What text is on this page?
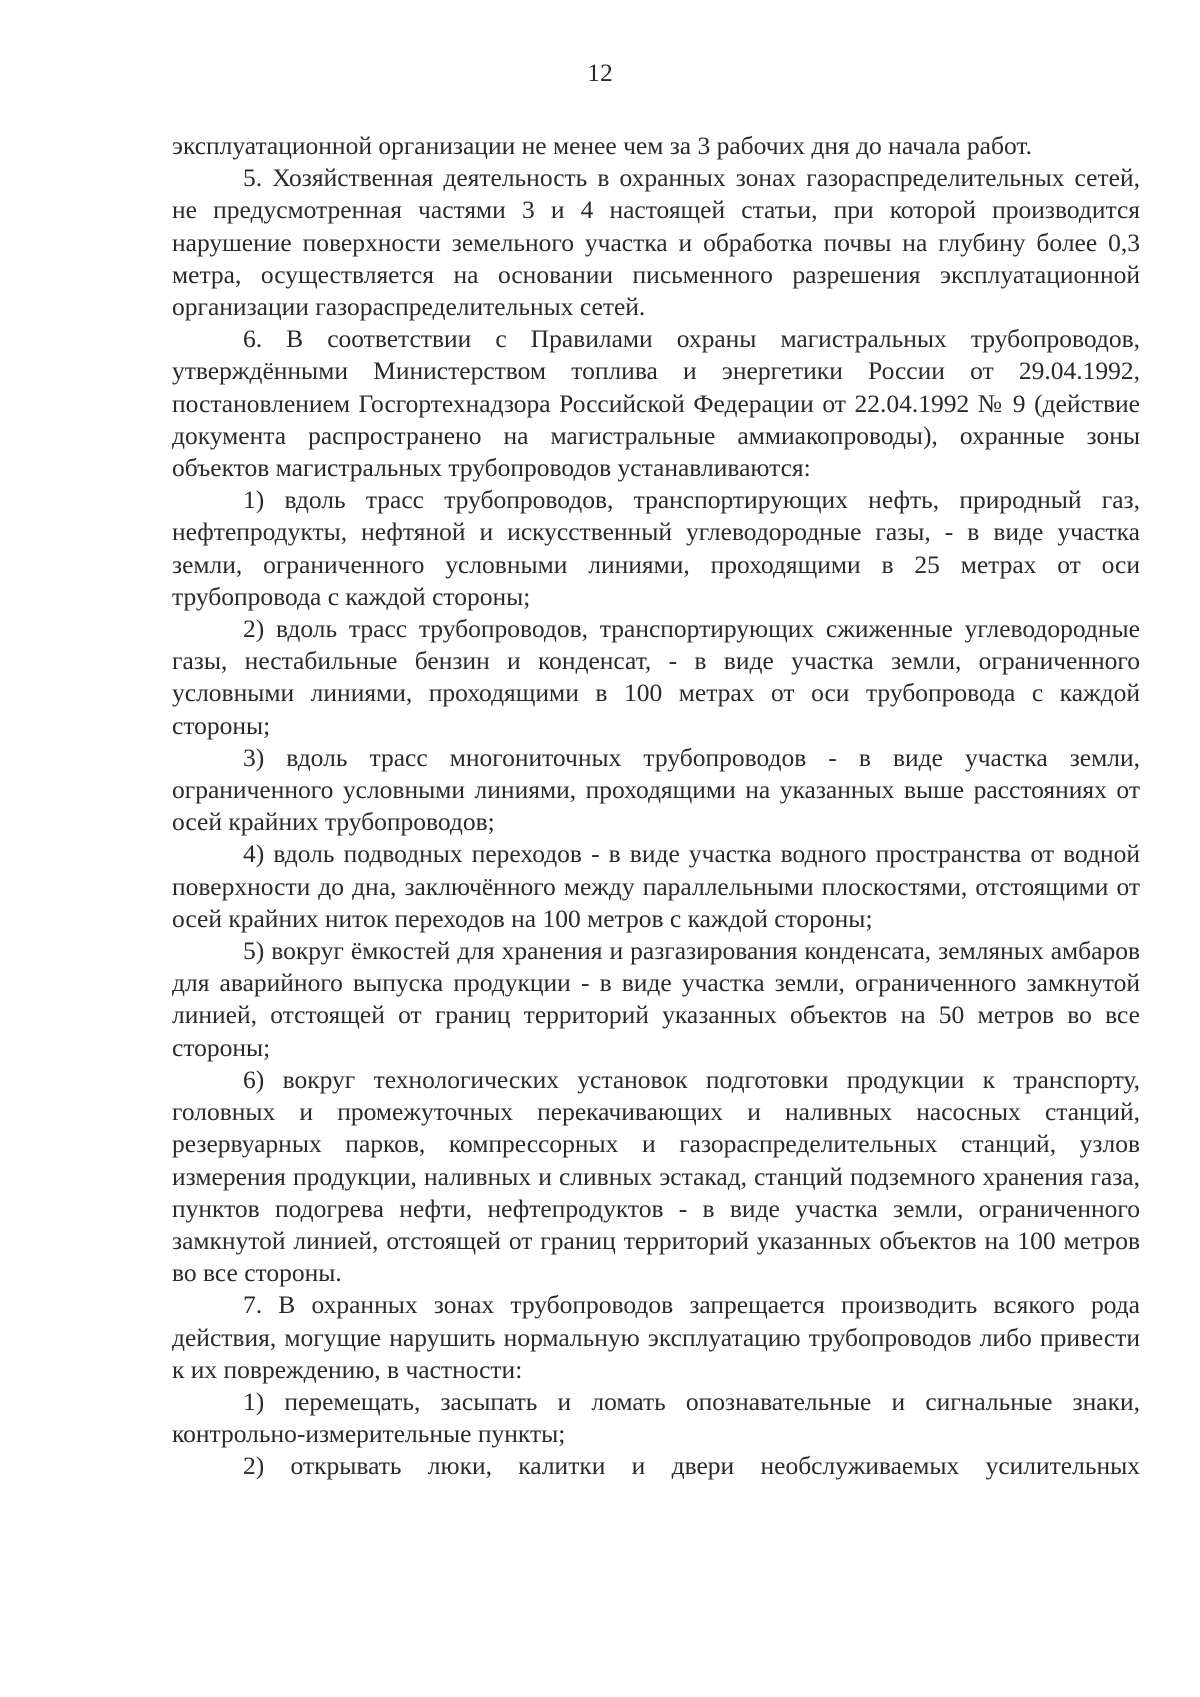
12

эксплуатационной организации не менее чем за 3 рабочих дня до начала работ.

5. Хозяйственная деятельность в охранных зонах газораспределительных сетей, не предусмотренная частями 3 и 4 настоящей статьи, при которой производится нарушение поверхности земельного участка и обработка почвы на глубину более 0,3 метра, осуществляется на основании письменного разрешения эксплуатационной организации газораспределительных сетей.

6. В соответствии с Правилами охраны магистральных трубопроводов, утверждёнными Министерством топлива и энергетики России от 29.04.1992, постановлением Госгортехнадзора Российской Федерации от 22.04.1992 № 9 (действие документа распространено на магистральные аммиакопроводы), охранные зоны объектов магистральных трубопроводов устанавливаются:

1) вдоль трасс трубопроводов, транспортирующих нефть, природный газ, нефтепродукты, нефтяной и искусственный углеводородные газы, - в виде участка земли, ограниченного условными линиями, проходящими в 25 метрах от оси трубопровода с каждой стороны;

2) вдоль трасс трубопроводов, транспортирующих сжиженные углеводородные газы, нестабильные бензин и конденсат, - в виде участка земли, ограниченного условными линиями, проходящими в 100 метрах от оси трубопровода с каждой стороны;

3) вдоль трасс многониточных трубопроводов - в виде участка земли, ограниченного условными линиями, проходящими на указанных выше расстояниях от осей крайних трубопроводов;

4) вдоль подводных переходов - в виде участка водного пространства от водной поверхности до дна, заключённого между параллельными плоскостями, отстоящими от осей крайних ниток переходов на 100 метров с каждой стороны;

5) вокруг ёмкостей для хранения и разгазирования конденсата, земляных амбаров для аварийного выпуска продукции - в виде участка земли, ограниченного замкнутой линией, отстоящей от границ территорий указанных объектов на 50 метров во все стороны;

6) вокруг технологических установок подготовки продукции к транспорту, головных и промежуточных перекачивающих и наливных насосных станций, резервуарных парков, компрессорных и газораспределительных станций, узлов измерения продукции, наливных и сливных эстакад, станций подземного хранения газа, пунктов подогрева нефти, нефтепродуктов - в виде участка земли, ограниченного замкнутой линией, отстоящей от границ территорий указанных объектов на 100 метров во все стороны.

7. В охранных зонах трубопроводов запрещается производить всякого рода действия, могущие нарушить нормальную эксплуатацию трубопроводов либо привести к их повреждению, в частности:

1) перемещать, засыпать и ломать опознавательные и сигнальные знаки, контрольно-измерительные пункты;

2) открывать люки, калитки и двери необслуживаемых усилительных
